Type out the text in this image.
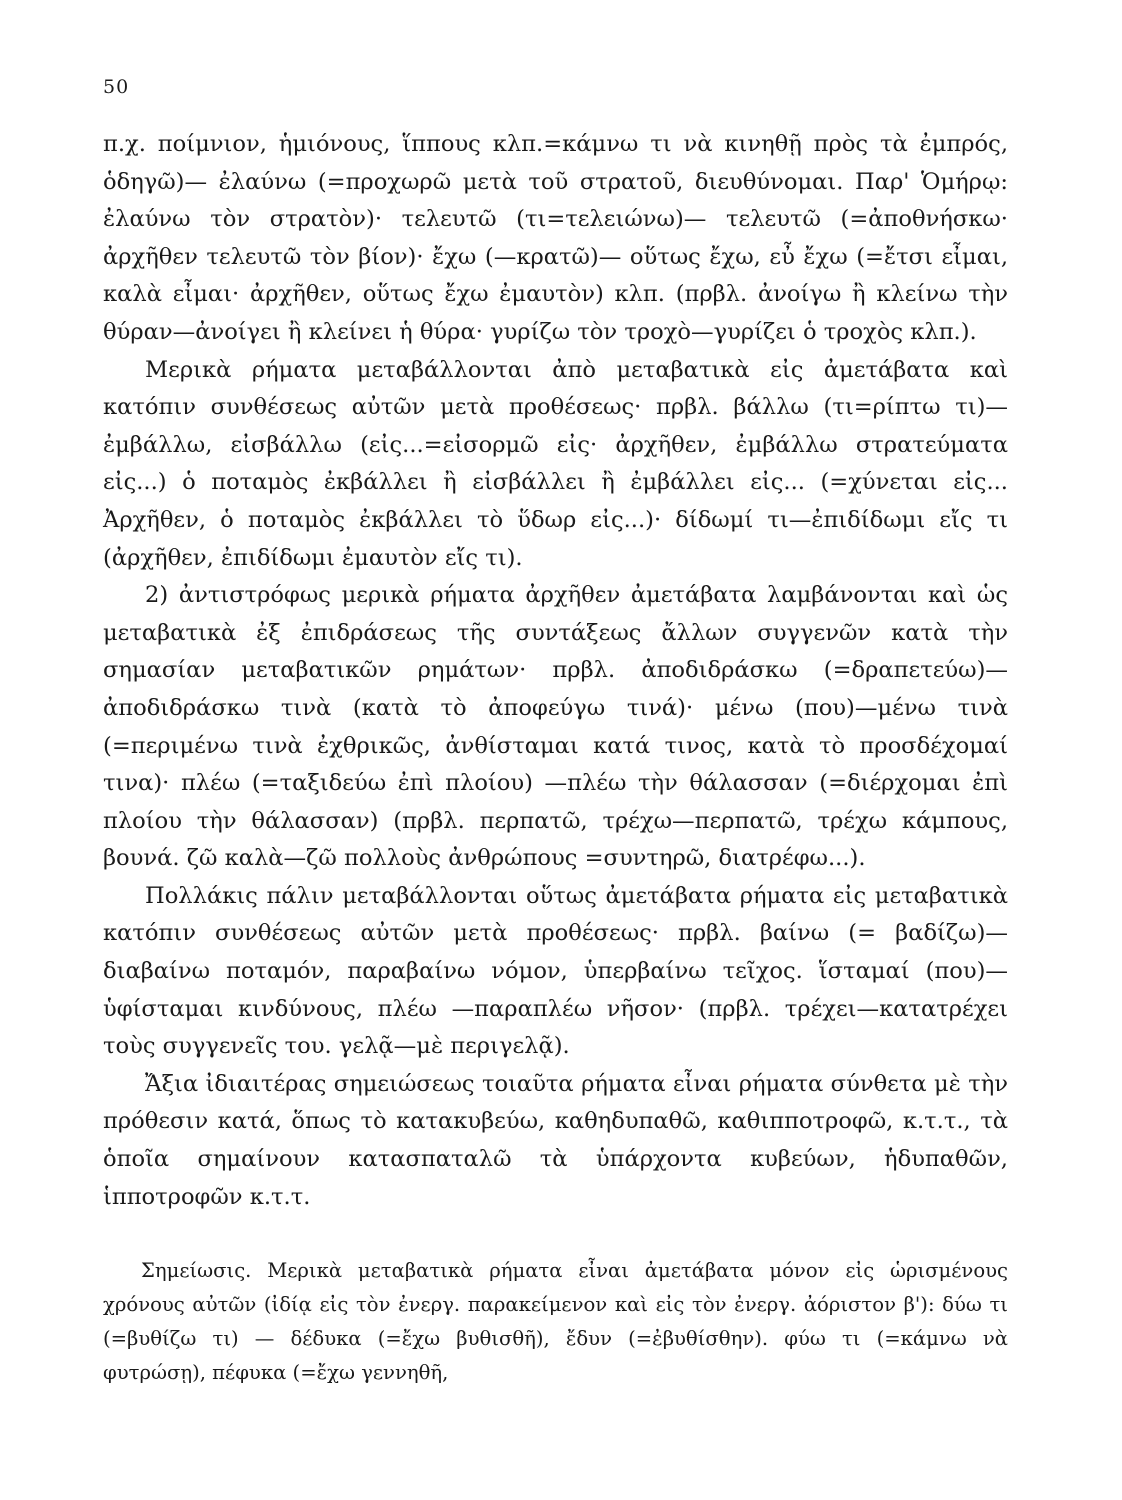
50

π.χ. ποίμνιον, ἡμιόνους, ἵππους κλπ.=κάμνω τι νὰ κινηθῇ πρὸς τὰ ἐμπρός, ὁδηγῶ)— ἐλαύνω (=προχωρῶ μετὰ τοῦ στρατοῦ, διευθύνομαι. Παρ' Ὁμήρῳ: ἐλαύνω τὸν στρατὸν)· τελευτῶ (τι=τελειώνω)— τελευτῶ (=ἀποθνήσκω· ἀρχῆθεν τελευτῶ τὸν βίον)· ἔχω (—κρατῶ)— οὕτως ἔχω, εὖ ἔχω (=ἔτσι εἶμαι, καλὰ εἶμαι· ἀρχῆθεν, οὕτως ἔχω ἐμαυτὸν) κλπ. (πρβλ. ἀνοίγω ἢ κλείνω τὴν θύραν—ἀνοίγει ἢ κλείνει ἡ θύρα· γυρίζω τὸν τροχὸ—γυρίζει ὁ τροχὸς κλπ.).

Μερικὰ ρήματα μεταβάλλονται ἀπὸ μεταβατικὰ εἰς ἀμετάβατα καὶ κατόπιν συνθέσεως αὐτῶν μετὰ προθέσεως· πρβλ. βάλλω (τι=ρίπτω τι)—ἐμβάλλω, εἰσβάλλω (εἰς...=εἰσορμῶ εἰς· ἀρχῆθεν, ἐμβάλλω στρατεύματα εἰς...) ὁ ποταμὸς ἐκβάλλει ἢ εἰσβάλλει ἢ ἐμβάλλει εἰς... (=χύνεται εἰς... Ἀρχῆθεν, ὁ ποταμὸς ἐκβάλλει τὸ ὕδωρ εἰς...)· δίδωμί τι—ἐπιδίδωμι εἴς τι (ἀρχῆθεν, ἐπιδίδωμι ἐμαυτὸν εἴς τι).

2) ἀντιστρόφως μερικὰ ρήματα ἀρχῆθεν ἀμετάβατα λαμβάνονται καὶ ὡς μεταβατικὰ ἐξ ἐπιδράσεως τῆς συντάξεως ἄλλων συγγενῶν κατὰ τὴν σημασίαν μεταβατικῶν ρημάτων· πρβλ. ἀποδιδράσκω (=δραπετεύω)—ἀποδιδράσκω τινὰ (κατὰ τὸ ἀποφεύγω τινά)· μένω (που)—μένω τινὰ (=περιμένω τινὰ ἐχθρικῶς, ἀνθίσταμαι κατά τινος, κατὰ τὸ προσδέχομαί τινα)· πλέω (=ταξιδεύω ἐπὶ πλοίου) —πλέω τὴν θάλασσαν (=διέρχομαι ἐπὶ πλοίου τὴν θάλασσαν) (πρβλ. περπατῶ, τρέχω—περπατῶ, τρέχω κάμπους, βουνά. ζῶ καλὰ—ζῶ πολλοὺς ἀνθρώπους =συντηρῶ, διατρέφω...).

Πολλάκις πάλιν μεταβάλλονται οὕτως ἀμετάβατα ρήματα εἰς μεταβατικὰ κατόπιν συνθέσεως αὐτῶν μετὰ προθέσεως· πρβλ. βαίνω (= βαδίζω)—διαβαίνω ποταμόν, παραβαίνω νόμον, ὑπερβαίνω τεῖχος. ἵσταμαί (που)—ὑφίσταμαι κινδύνους, πλέω —παραπλέω νῆσον· (πρβλ. τρέχει—κατατρέχει τοὺς συγγενεῖς του. γελᾷ—μὲ περιγελᾷ).

Ἄξια ἰδιαιτέρας σημειώσεως τοιαῦτα ρήματα εἶναι ρήματα σύνθετα μὲ τὴν πρόθεσιν κατά, ὅπως τὸ κατακυβεύω, καθηδυπαθῶ, καθιπποτροφῶ, κ.τ.τ., τὰ ὁποῖα σημαίνουν κατασπαταλῶ τὰ ὑπάρχοντα κυβεύων, ἡδυπαθῶν, ἱπποτροφῶν κ.τ.τ.

Σημείωσις. Μερικὰ μεταβατικὰ ρήματα εἶναι ἀμετάβατα μόνον εἰς ὡρισμένους χρόνους αὐτῶν (ἰδίᾳ εἰς τὸν ἐνεργ. παρακείμενον καὶ εἰς τὸν ἐνεργ. ἀόριστον β'): δύω τι (=βυθίζω τι) — δέδυκα (=ἔχω βυθισθῆ), ἔδυν (=ἐβυθίσθην). φύω τι (=κάμνω νὰ φυτρώσῃ), πέφυκα (=ἔχω γεννηθῆ,
